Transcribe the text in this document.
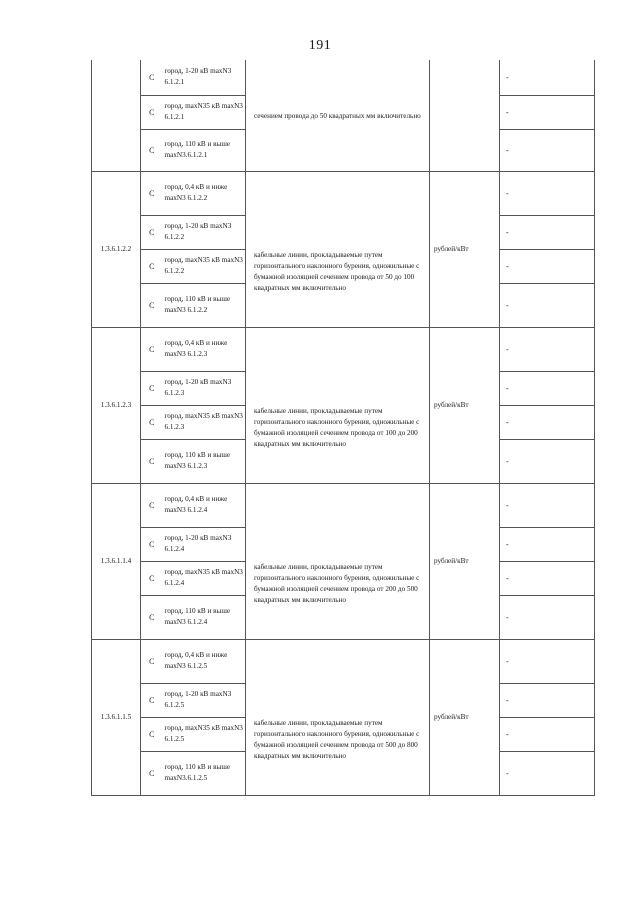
191
	С	город, 1-20 кВ maxN3 6.1.2.1	сечением провода до 50 квадратных мм включительно		-
	С	город, maxN35 кВ maxN3 6.1.2.1			-
	С	город, 110 кВ и выше maxN3.6.1.2.1			-
1.3.6.1.2.2	С	город, 0,4 кВ и ниже maxN3 6.1.2.2	кабельные линии, прокладываемые путем горизонтального наклонного бурения, одножильные с бумажной изоляцией сечением провода от 50 до 100 квадратных мм включительно	рублей/кВт	-
	С	город, 1-20 кВ maxN3 6.1.2.2			-
	С	город, maxN35 кВ maxN3 6.1.2.2			-
	С	город, 110 кВ и выше maxN3 6.1.2.2			-
1.3.6.1.2.3	С	город, 0,4 кВ и ниже maxN3 6.1.2.3	кабельные линии, прокладываемые путем горизонтального наклонного бурения, одножильные с бумажной изоляцией сечением провода от 100 до 200 квадратных мм включительно	рублей/кВт	-
	С	город, 1-20 кВ maxN3 6.1.2.3			-
	С	город, maxN35 кВ maxN3 6.1.2.3			-
	С	город, 110 кВ и выше maxN3 6.1.2.3			-
1.3.6.1.1.4	С	город, 0,4 кВ и ниже maxN3 6.1.2.4	кабельные линии, прокладываемые путем горизонтального наклонного бурения, одножильные с бумажной изоляцией сечением провода от 200 до 500 квадратных мм включительно	рублей/кВт	-
	С	город, 1-20 кВ maxN3 6.1.2.4			-
	С	город, maxN35 кВ maxN3 6.1.2.4			-
	С	город, 110 кВ и выше maxN3 6.1.2.4			-
1.3.6.1.1.5	С	город, 0,4 кВ и ниже maxN3 6.1.2.5	кабельные линии, прокладываемые путем горизонтального наклонного бурения, одножильные с бумажной изоляцией сечением провода от 500 до 800 квадратных мм включительно	рублей/кВт	-
	С	город, 1-20 кВ maxN3 6.1.2.5			-
	С	город, maxN35 кВ maxN3 6.1.2.5			-
	С	город, 110 кВ и выше maxN3.6.1.2.5			-
